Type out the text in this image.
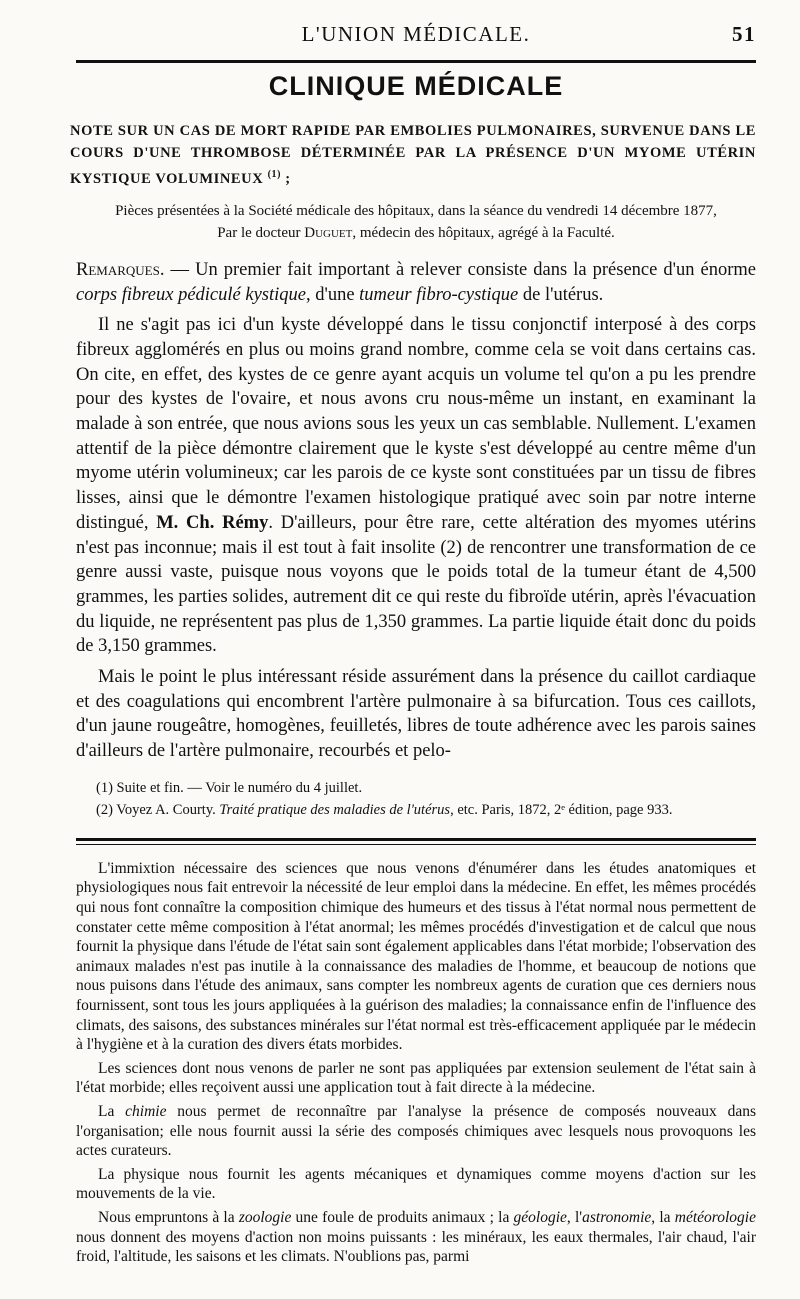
L'UNION MÉDICALE.	51
CLINIQUE MÉDICALE
NOTE SUR UN CAS DE MORT RAPIDE PAR EMBOLIES PULMONAIRES, SURVENUE DANS LE COURS D'UNE THROMBOSE DÉTERMINÉE PAR LA PRÉSENCE D'UN MYOME UTÉRIN KYSTIQUE VOLUMINEUX $^{(1)}$ ;
Pièces présentées à la Société médicale des hôpitaux, dans la séance du vendredi 14 décembre 1877,
Par le docteur Duguet, médecin des hôpitaux, agrégé à la Faculté.

Remarques. — Un premier fait important à relever consiste dans la présence d'un énorme corps fibreux pédiculé kystique, d'une tumeur fibro-cystique de l'utérus.

Il ne s'agit pas ici d'un kyste développé dans le tissu conjonctif interposé à des corps fibreux agglomérés en plus ou moins grand nombre, comme cela se voit dans certains cas. On cite, en effet, des kystes de ce genre ayant acquis un volume tel qu'on a pu les prendre pour des kystes de l'ovaire, et nous avons cru nous-même un instant, en examinant la malade à son entrée, que nous avions sous les yeux un cas semblable. Nullement. L'examen attentif de la pièce démontre clairement que le kyste s'est développé au centre même d'un myome utérin volumineux; car les parois de ce kyste sont constituées par un tissu de fibres lisses, ainsi que le démontre l'examen histologique pratiqué avec soin par notre interne distingué, M. Ch. Rémy. D'ailleurs, pour être rare, cette altération des myomes utérins n'est pas inconnue; mais il est tout à fait insolite (2) de rencontrer une transformation de ce genre aussi vaste, puisque nous voyons que le poids total de la tumeur étant de 4,500 grammes, les parties solides, autrement dit ce qui reste du fibroïde utérin, après l'évacuation du liquide, ne représentent pas plus de 1,350 grammes. La partie liquide était donc du poids de 3,150 grammes.

Mais le point le plus intéressant réside assurément dans la présence du caillot cardiaque et des coagulations qui encombrent l'artère pulmonaire à sa bifurcation. Tous ces caillots, d'un jaune rougeâtre, homogènes, feuilletés, libres de toute adhérence avec les parois saines d'ailleurs de l'artère pulmonaire, recourbés et pelo-

(1) Suite et fin. — Voir le numéro du 4 juillet.
(2) Voyez A. Courty. Traité pratique des maladies de l'utérus, etc. Paris, 1872, 2ᵉ édition, page 933.

L'immixtion nécessaire des sciences que nous venons d'énumérer dans les études anatomiques et physiologiques nous fait entrevoir la nécessité de leur emploi dans la médecine. En effet, les mêmes procédés qui nous font connaître la composition chimique des humeurs et des tissus à l'état normal nous permettent de constater cette même composition à l'état anormal; les mêmes procédés d'investigation et de calcul que nous fournit la physique dans l'étude de l'état sain sont également applicables dans l'état morbide; l'observation des animaux malades n'est pas inutile à la connaissance des maladies de l'homme, et beaucoup de notions que nous puisons dans l'étude des animaux, sans compter les nombreux agents de curation que ces derniers nous fournissent, sont tous les jours appliquées à la guérison des maladies; la connaissance enfin de l'influence des climats, des saisons, des substances minérales sur l'état normal est très-efficacement appliquée par le médecin à l'hygiène et à la curation des divers états morbides.

Les sciences dont nous venons de parler ne sont pas appliquées par extension seulement de l'état sain à l'état morbide; elles reçoivent aussi une application tout à fait directe à la médecine.

La chimie nous permet de reconnaître par l'analyse la présence de composés nouveaux dans l'organisation; elle nous fournit aussi la série des composés chimiques avec lesquels nous provoquons les actes curateurs.

La physique nous fournit les agents mécaniques et dynamiques comme moyens d'action sur les mouvements de la vie.

Nous empruntons à la zoologie une foule de produits animaux ; la géologie, l'astronomie, la météorologie nous donnent des moyens d'action non moins puissants : les minéraux, les eaux thermales, l'air chaud, l'air froid, l'altitude, les saisons et les climats. N'oublions pas, parmi
